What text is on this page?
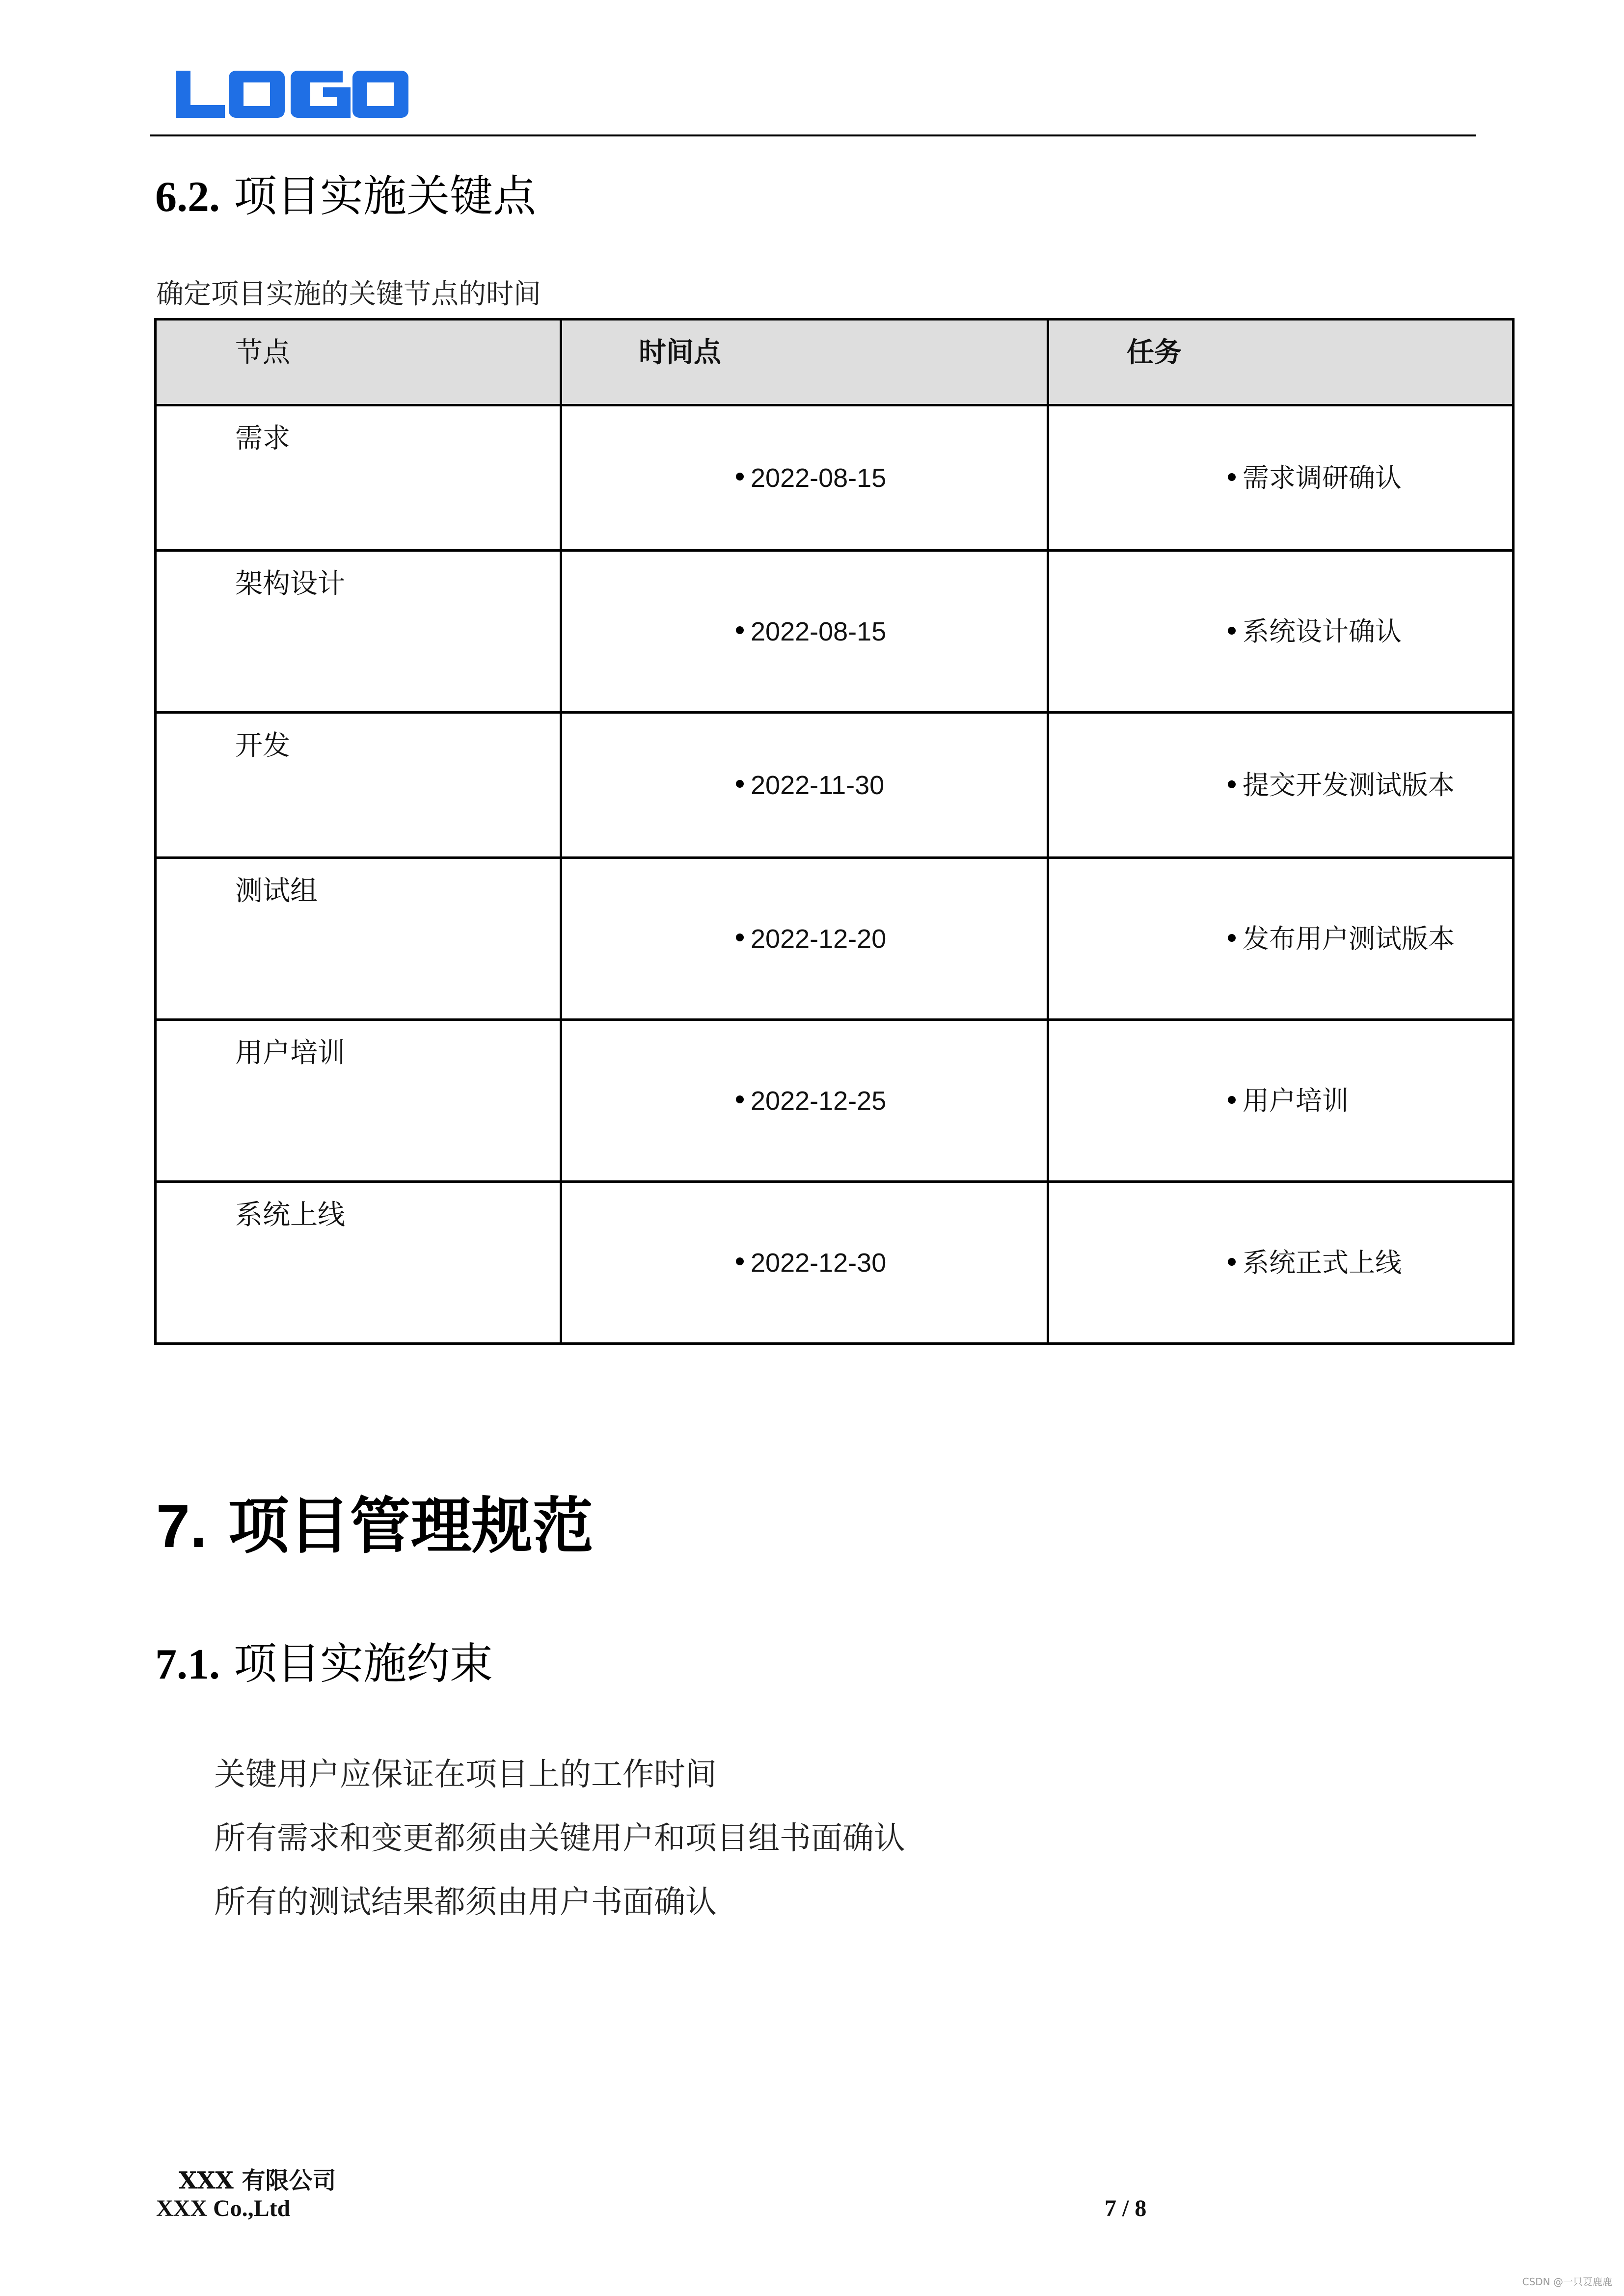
6.2. 项目实施关键点
确定项目实施的关键节点的时间
节点	时间点	任务

需求	2022-08-15	需求调研确认

架构设计	2022-08-15	系统设计确认

开发	2022-11-30	提交开发测试版本

测试组	2022-12-20	发布用户测试版本

用户培训	2022-12-25	用户培训

系统上线	2022-12-30	系统正式上线
7. 项目管理规范
7.1. 项目实施约束
关键用户应保证在项目上的工作时间
所有需求和变更都须由关键用户和项目组书面确认
所有的测试结果都须由用户书面确认
XXX 有限公司
XXX Co.,Ltd	7 / 8
CSDN @一只夏鹿鹿
